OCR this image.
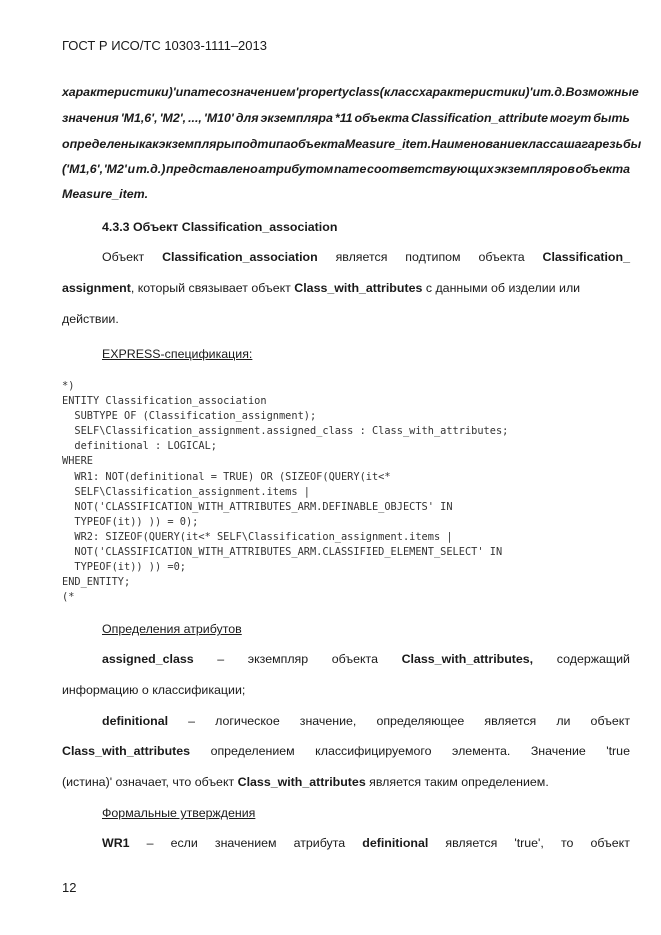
ГОСТ Р ИСО/ТС 10303-1111–2013
характеристики)' и name со значением 'property class (класс характеристики)' и т.д. Возможные
значения 'M1,6', 'M2', ..., 'M10' для экземпляра *11 объекта Classification_attribute могут быть
определены как экземпляры подтипа объекта Measure_item. Наименование класса шага резьбы
('M1,6', 'M2' и т.д.) представлено атрибутом name соответствующих экземпляров объекта
Measure_item.
4.3.3 Объект Classification_association
Объект Classification_association является подтипом объекта Classification_
assignment , который связывает объект
Class_with_attributes
с данными об изделии или
действии.
EXPRESS-спецификация:
*)
ENTITY Classification_association
SUBTYPE OF (Classification_assignment);
SELF\Classification_assignment.assigned_class : Class_with_attributes;
definitional : LOGICAL;
WHERE
WR1: NOT(definitional = TRUE) OR (SIZEOF(QUERY(it<*
SELF\Classification_assignment.items |
NOT('CLASSIFICATION_WITH_ATTRIBUTES_ARM.DEFINABLE_OBJECTS' IN
TYPEOF(it)) )) = 0);
WR2: SIZEOF(QUERY(it<* SELF\Classification_assignment.items |
NOT('CLASSIFICATION_WITH_ATTRIBUTES_ARM.CLASSIFIED_ELEMENT_SELECT' IN
TYPEOF(it)) )) =0;
END_ENTITY;
(*
Определения атрибутов
assigned_class – экземпляр объекта Class_with_attributes, содержащий
информацию о классификации;
definitional – логическое значение, определяющее является ли объект
Class_with_attributes определением классифицируемого элемента. Значение 'true
(истина)' означает, что объект
Class_with_attributes
является таким определением.
Формальные утверждения
WR1 – если значением атрибута definitional является 'true', то объект
12
